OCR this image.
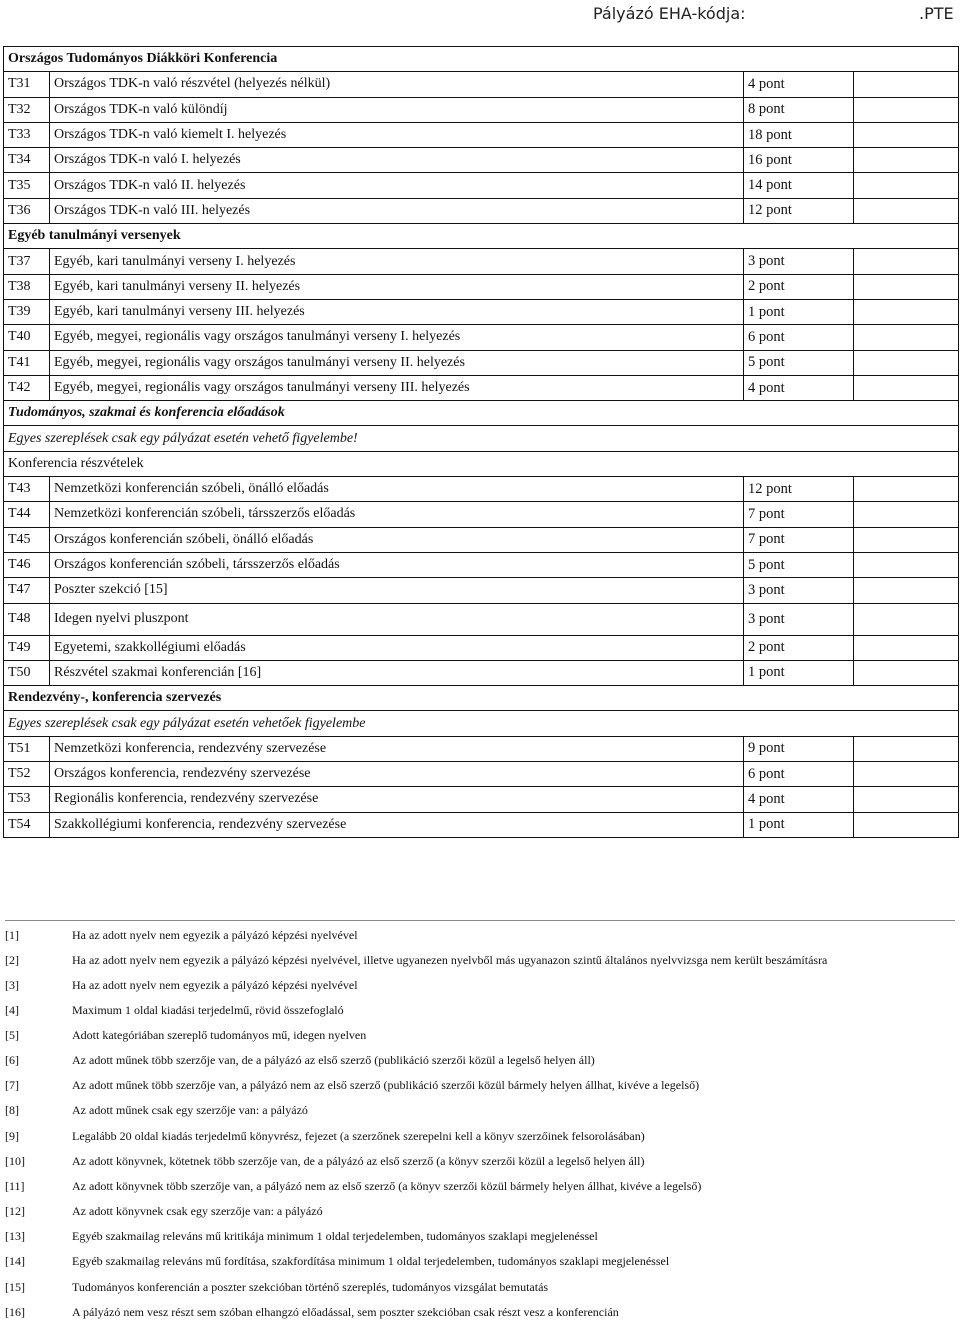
Pályázó EHA-kódja:	.PTE
Országos Tudományos Diákköri Konferencia			
T31	Országos TDK-n való részvétel (helyezés nélkül)	4 pont	
T32	Országos TDK-n való különdíj	8 pont	
T33	Országos TDK-n való kiemelt I. helyezés	18 pont	
T34	Országos TDK-n való I. helyezés	16 pont	
T35	Országos TDK-n való II. helyezés	14 pont	
T36	Országos TDK-n való III. helyezés	12 pont	
Egyéb tanulmányi versenyek			
T37	Egyéb, kari tanulmányi verseny I. helyezés	3 pont	
T38	Egyéb, kari tanulmányi verseny II. helyezés	2 pont	
T39	Egyéb, kari tanulmányi verseny III. helyezés	1 pont	
T40	Egyéb, megyei, regionális vagy országos tanulmányi verseny I. helyezés	6 pont	
T41	Egyéb, megyei, regionális vagy országos tanulmányi verseny II. helyezés	5 pont	
T42	Egyéb, megyei, regionális vagy országos tanulmányi verseny III. helyezés	4 pont	
Tudományos, szakmai és konferencia előadások			
Egyes szereplések csak egy pályázat esetén vehető figyelembe!			
Konferencia részvételek			
T43	Nemzetközi konferencián szóbeli, önálló előadás	12 pont	
T44	Nemzetközi konferencián szóbeli, társszerzős előadás	7 pont	
T45	Országos konferencián szóbeli, önálló előadás	7 pont	
T46	Országos konferencián szóbeli, társszerzős előadás	5 pont	
T47	Poszter szekció [15]	3 pont	
T48	Idegen nyelvi pluszpont	3 pont	
T49	Egyetemi, szakkollégiumi előadás	2 pont	
T50	Részvétel szakmai konferencián [16]	1 pont	
Rendezvény-, konferencia szervezés			
Egyes szereplések csak egy pályázat esetén vehetőek figyelembe			
T51	Nemzetközi konferencia, rendezvény szervezése	9 pont	
T52	Országos konferencia, rendezvény szervezése	6 pont	
T53	Regionális konferencia, rendezvény szervezése	4 pont	
T54	Szakkollégiumi konferencia, rendezvény szervezése	1 pont	
[1]	Ha az adott nyelv nem egyezik a pályázó képzési nyelvével
[2]	Ha az adott nyelv nem egyezik a pályázó képzési nyelvével, illetve ugyanezen nyelvből más ugyanazon szintű általános nyelvvizsga nem került beszámításra
[3]	Ha az adott nyelv nem egyezik a pályázó képzési nyelvével
[4]	Maximum 1 oldal kiadási terjedelmű, rövid összefoglaló
[5]	Adott kategóriában szereplő tudományos mű, idegen nyelven
[6]	Az adott műnek több szerzője van, de a pályázó az első szerző (publikáció szerzői közül a legelső helyen áll)
[7]	Az adott műnek több szerzője van, a pályázó nem az első szerző (publikáció szerzői közül bármely helyen állhat, kivéve a legelső)
[8]	Az adott műnek csak egy szerzője van: a pályázó
[9]	Legalább 20 oldal kiadás terjedelmű könyvrész, fejezet (a szerzőnek szerepelni kell a könyv szerzőinek felsorolásában)
[10]	Az adott könyvnek, kötetnek több szerzője van, de a pályázó az első szerző (a könyv szerzői közül a legelső helyen áll)
[11]	Az adott könyvnek több szerzője van, a pályázó nem az első szerző (a könyv szerzői közül bármely helyen állhat, kivéve a legelső)
[12]	Az adott könyvnek csak egy szerzője van: a pályázó
[13]	Egyéb szakmailag releváns mű kritikája minimum 1 oldal terjedelemben, tudományos szaklapi megjelenéssel
[14]	Egyéb szakmailag releváns mű fordítása, szakfordítása minimum 1 oldal terjedelemben, tudományos szaklapi megjelenéssel
[15]	Tudományos konferencián a poszter szekcióban történő szereplés, tudományos vizsgálat bemutatás
[16]	A pályázó nem vesz részt sem szóban elhangzó előadással, sem poszter szekcióban csak részt vesz a konferencián
